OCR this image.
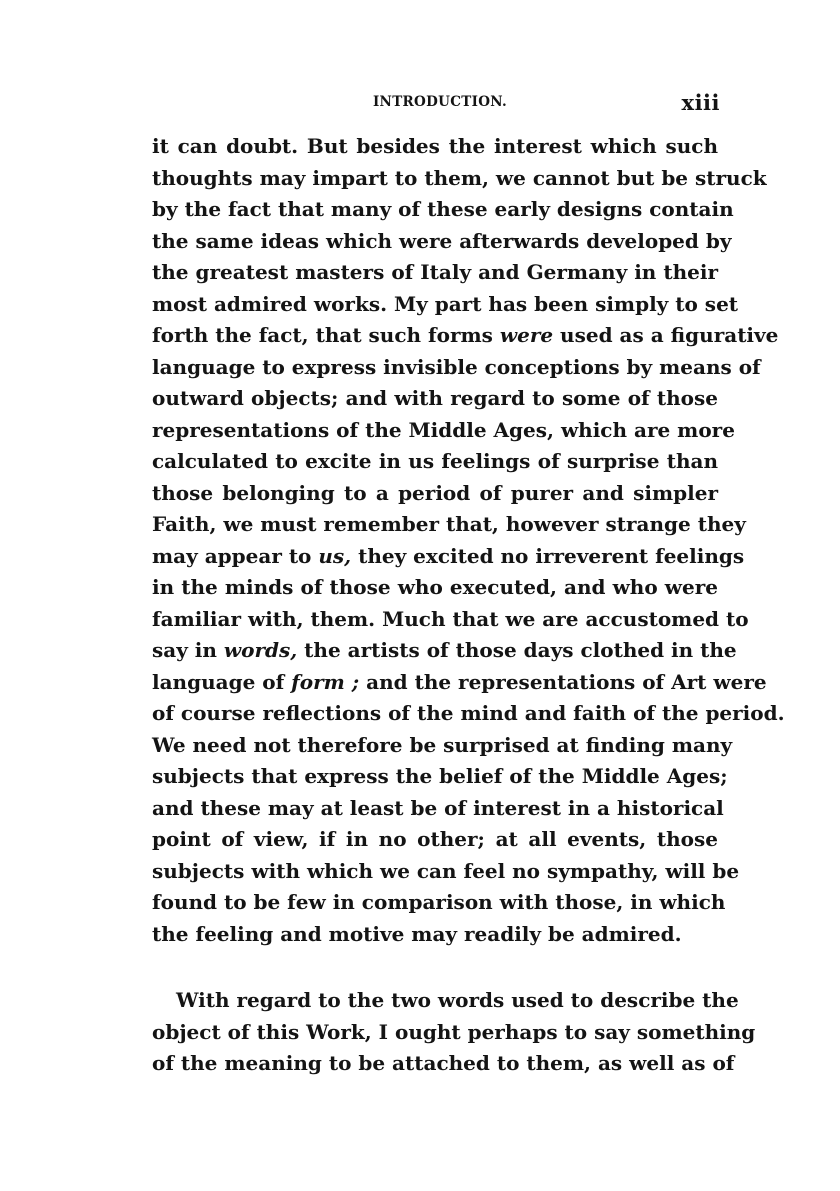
INTRODUCTION.	xiii
it can doubt. But besides the interest which such
thoughts may impart to them, we cannot but be struck
by the fact that many of these early designs contain
the same ideas which were afterwards developed by
the greatest masters of Italy and Germany in their
most admired works. My part has been simply to set
forth the fact, that such forms were used as a figurative
language to express invisible conceptions by means of
outward objects; and with regard to some of those
representations of the Middle Ages, which are more
calculated to excite in us feelings of surprise than
those belonging to a period of purer and simpler
Faith, we must remember that, however strange they
may appear to us, they excited no irreverent feelings
in the minds of those who executed, and who were
familiar with, them. Much that we are accustomed to
say in words, the artists of those days clothed in the
language of form ; and the representations of Art were
of course reflections of the mind and faith of the period.
We need not therefore be surprised at finding many
subjects that express the belief of the Middle Ages;
and these may at least be of interest in a historical
point of view, if in no other; at all events, those
subjects with which we can feel no sympathy, will be
found to be few in comparison with those, in which
the feeling and motive may readily be admired.
With regard to the two words used to describe the
object of this Work, I ought perhaps to say something
of the meaning to be attached to them, as well as of
